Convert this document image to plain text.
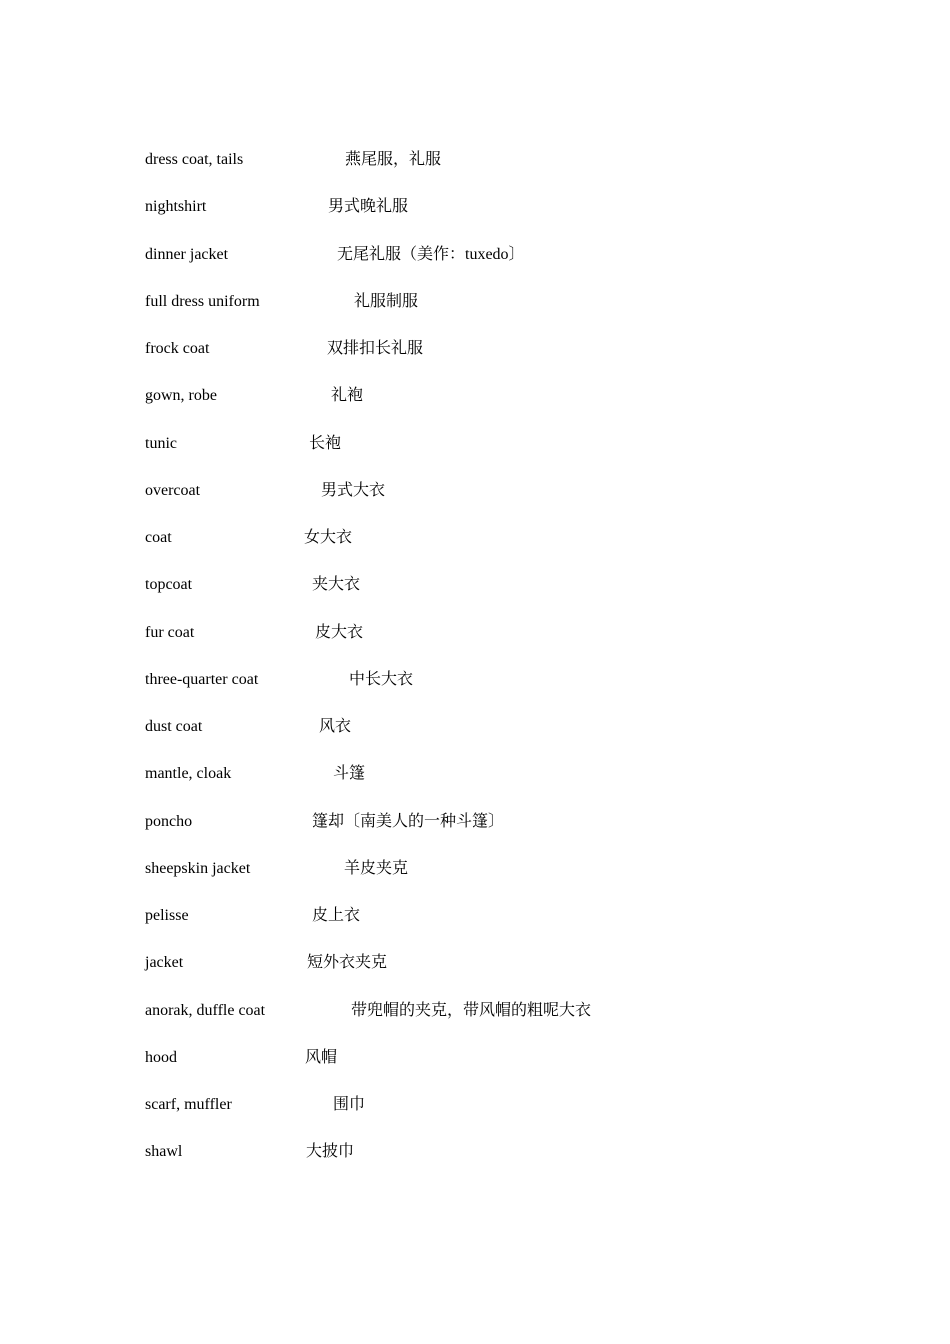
dress coat, tails	燕尾服，礼服
nightshirt	男式晚礼服
dinner jacket	无尾礼服（美作：tuxedo〕
full dress uniform	礼服制服
frock coat	双排扣长礼服
gown, robe	礼袍
tunic	长袍
overcoat	男式大衣
coat	女大衣
topcoat	夹大衣
fur coat	皮大衣
three-quarter coat	中长大衣
dust coat	风衣
mantle, cloak	斗篷
poncho	篷却〔南美人的一种斗篷〕
sheepskin jacket	羊皮夹克
pelisse	皮上衣
jacket	短外衣夹克
anorak, duffle coat	带兜帽的夹克，带风帽的粗呢大衣
hood	风帽
scarf, muffler	围巾
shawl	大披巾
